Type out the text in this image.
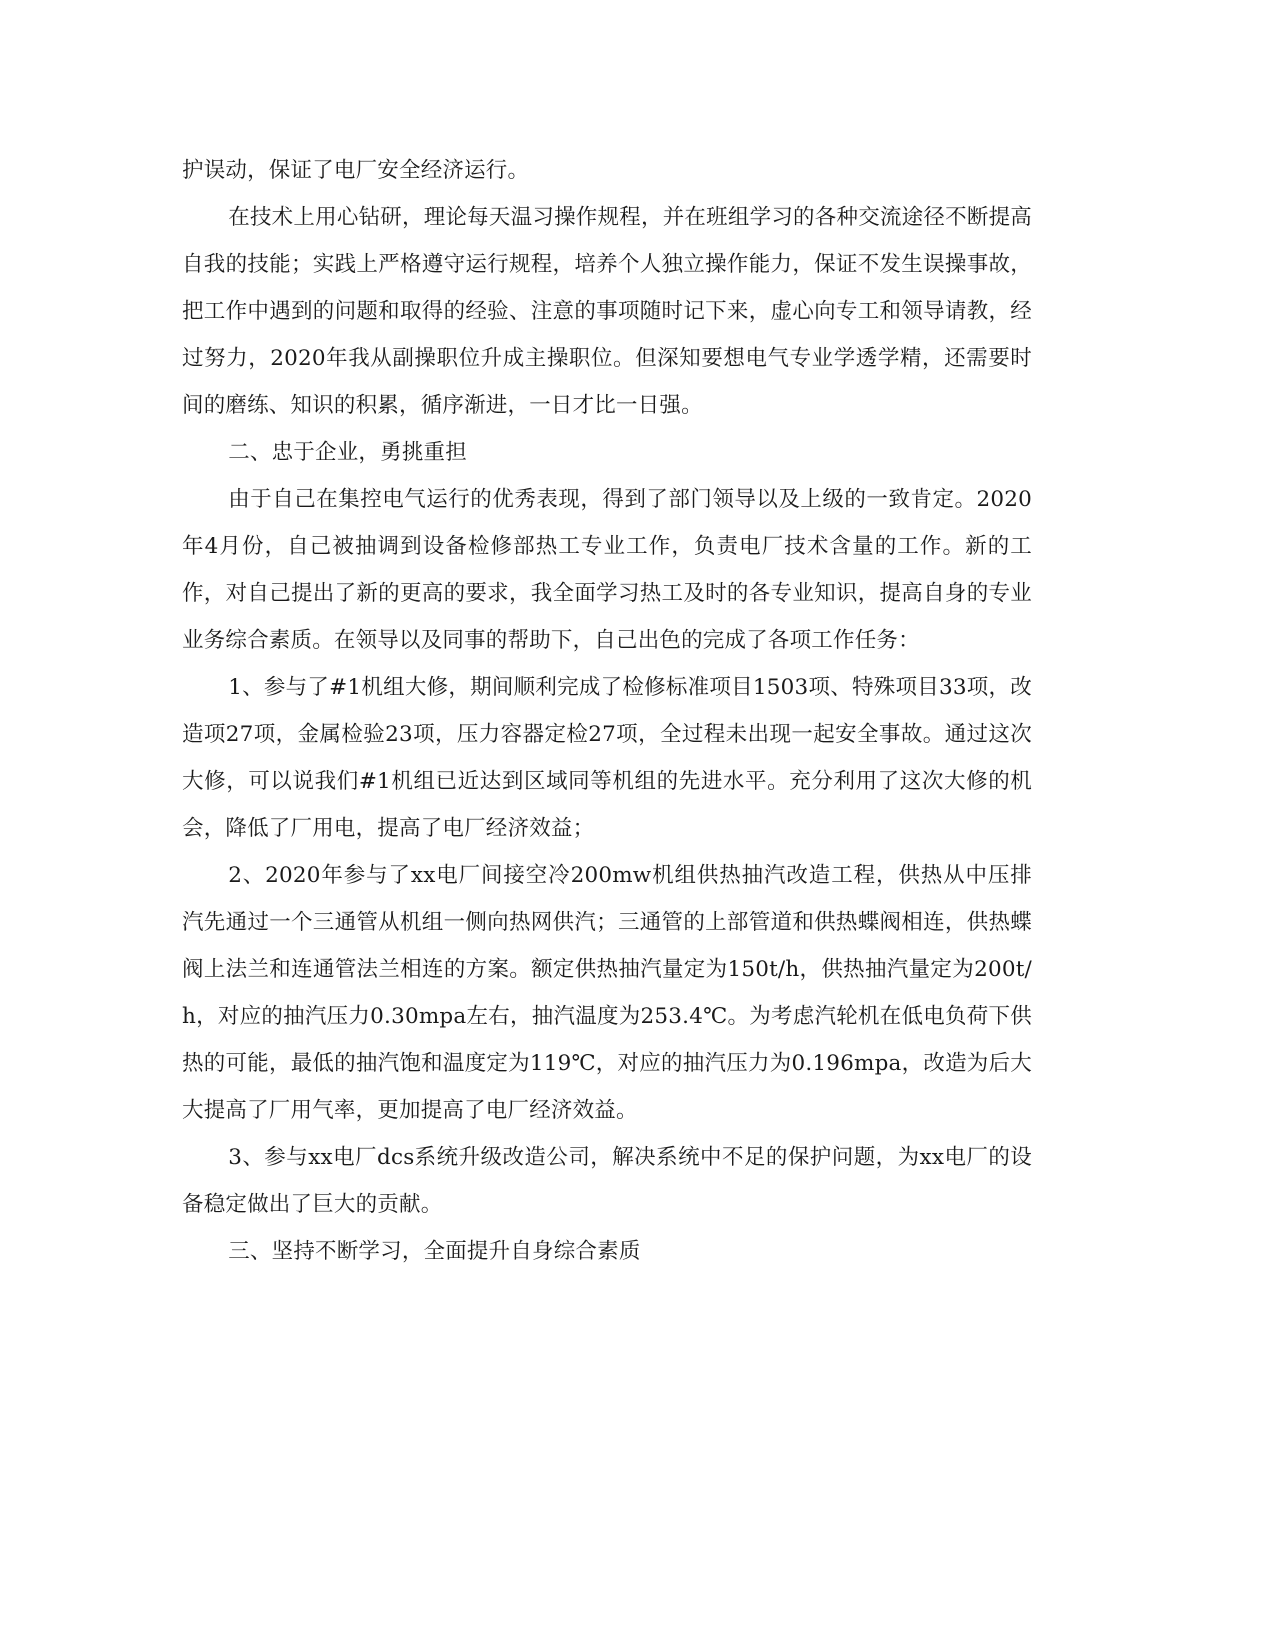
护误动，保证了电厂安全经济运行。

在技术上用心钻研，理论每天温习操作规程，并在班组学习的各种交流途径不断提高自我的技能；实践上严格遵守运行规程，培养个人独立操作能力，保证不发生误操事故，把工作中遇到的问题和取得的经验、注意的事项随时记下来，虚心向专工和领导请教，经过努力，2020年我从副操职位升成主操职位。但深知要想电气专业学透学精，还需要时间的磨练、知识的积累，循序渐进，一日才比一日强。

二、忠于企业，勇挑重担

由于自己在集控电气运行的优秀表现，得到了部门领导以及上级的一致肯定。2020年4月份，自己被抽调到设备检修部热工专业工作，负责电厂技术含量的工作。新的工作，对自己提出了新的更高的要求，我全面学习热工及时的各专业知识，提高自身的专业业务综合素质。在领导以及同事的帮助下，自己出色的完成了各项工作任务：

1、参与了#1机组大修，期间顺利完成了检修标准项目1503项、特殊项目33项，改造项27项，金属检验23项，压力容器定检27项，全过程未出现一起安全事故。通过这次大修，可以说我们#1机组已近达到区域同等机组的先进水平。充分利用了这次大修的机会，降低了厂用电，提高了电厂经济效益；

2、2020年参与了xx电厂间接空冷200mw机组供热抽汽改造工程，供热从中压排汽先通过一个三通管从机组一侧向热网供汽；三通管的上部管道和供热蝶阀相连，供热蝶阀上法兰和连通管法兰相连的方案。额定供热抽汽量定为150t/h，供热抽汽量定为200t/h，对应的抽汽压力0.30mpa左右，抽汽温度为253.4℃。为考虑汽轮机在低电负荷下供热的可能，最低的抽汽饱和温度定为119℃，对应的抽汽压力为0.196mpa，改造为后大大提高了厂用气率，更加提高了电厂经济效益。

3、参与xx电厂dcs系统升级改造公司，解决系统中不足的保护问题，为xx电厂的设备稳定做出了巨大的贡献。

三、坚持不断学习，全面提升自身综合素质
